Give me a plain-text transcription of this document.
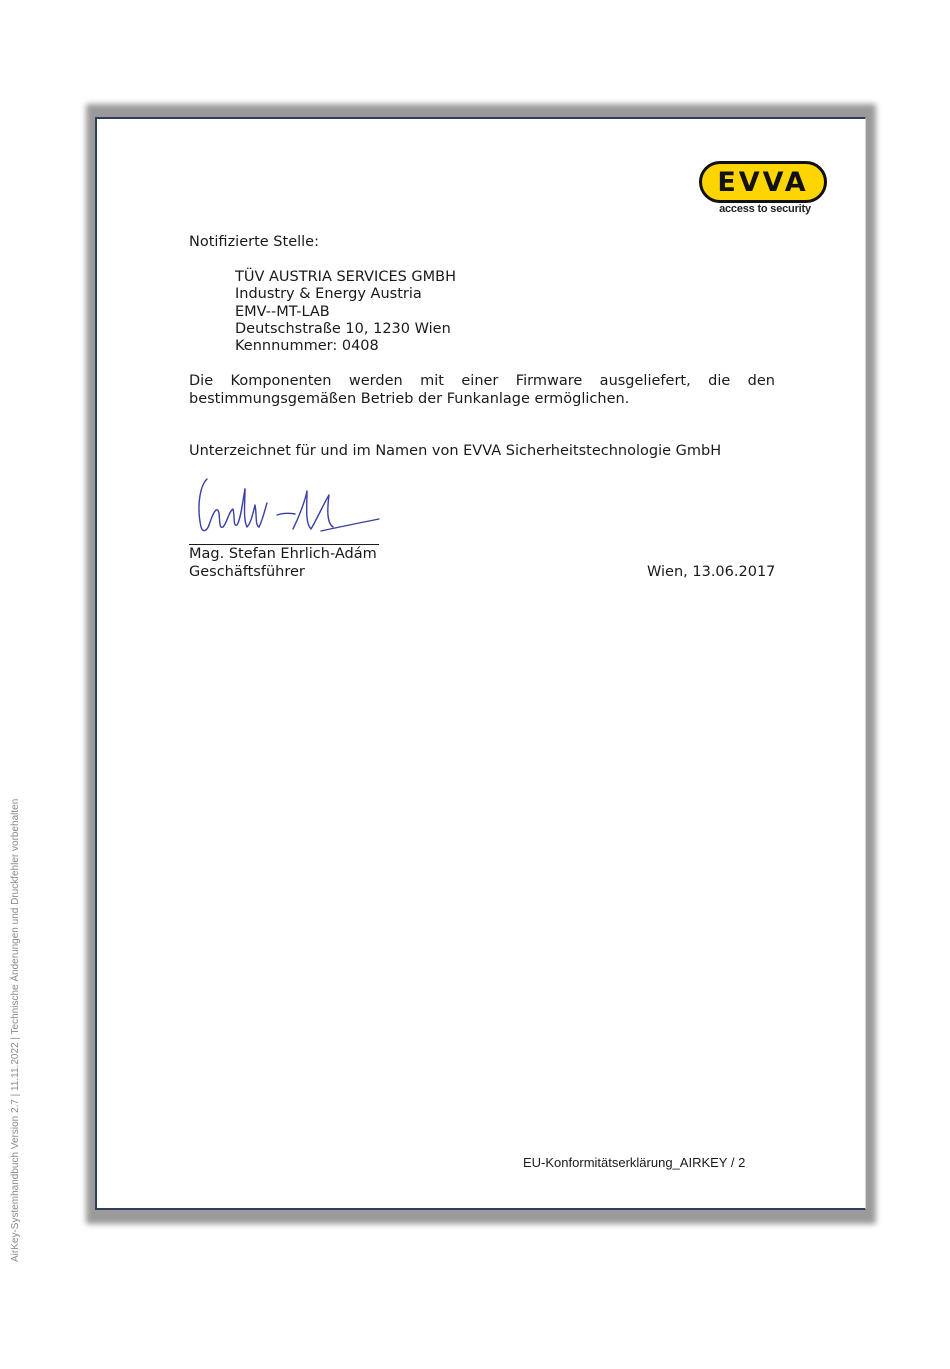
AirKey-Systemhandbuch Version 2.7 | 11.11.2022 | Technische Änderungen und Druckfehler vorbehalten
EVVA
access to security
Notifizierte Stelle:
TÜV AUSTRIA SERVICES GMBH
Industry & Energy Austria
EMV--MT-LAB
Deutschstraße 10, 1230 Wien
Kennnummer: 0408
Die Komponenten werden mit einer Firmware ausgeliefert, die den bestimmungsgemäßen Betrieb der Funkanlage ermöglichen.
Unterzeichnet für und im Namen von EVVA Sicherheitstechnologie GmbH
Mag. Stefan Ehrlich-Adám
Geschäftsführer	Wien, 13.06.2017
EU-Konformitätserklärung_AIRKEY / 2
